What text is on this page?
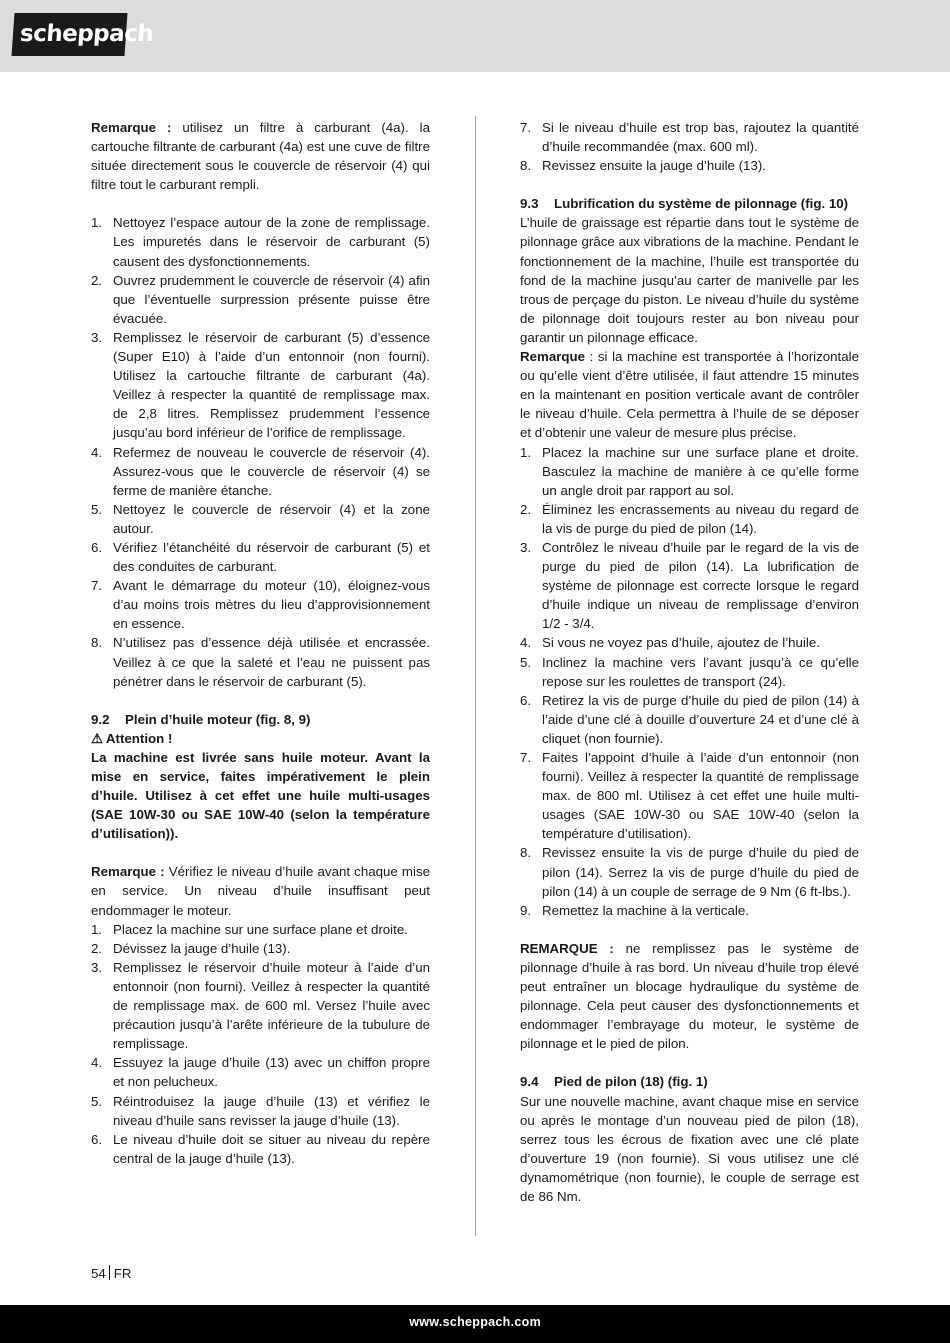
scheppach

Remarque : utilisez un filtre à carburant (4a). la cartouche filtrante de carburant (4a) est une cuve de filtre située directement sous le couvercle de réservoir (4) qui filtre tout le carburant rempli.

1. Nettoyez l’espace autour de la zone de remplissage. Les impuretés dans le réservoir de carburant (5) causent des dysfonctionnements.
2. Ouvrez prudemment le couvercle de réservoir (4) afin que l’éventuelle surpression présente puisse être évacuée.
3. Remplissez le réservoir de carburant (5) d’essence (Super E10) à l’aide d’un entonnoir (non fourni). Utilisez la cartouche filtrante de carburant (4a). Veillez à respecter la quantité de remplissage max. de 2,8 litres. Remplissez prudemment l’essence jusqu’au bord inférieur de l’orifice de remplissage.
4. Refermez de nouveau le couvercle de réservoir (4). Assurez-vous que le couvercle de réservoir (4) se ferme de manière étanche.
5. Nettoyez le couvercle de réservoir (4) et la zone autour.
6. Vérifiez l’étanchéité du réservoir de carburant (5) et des conduites de carburant.
7. Avant le démarrage du moteur (10), éloignez-vous d’au moins trois mètres du lieu d’approvisionnement en essence.
8. N’utilisez pas d’essence déjà utilisée et encrassée. Veillez à ce que la saleté et l’eau ne puissent pas pénétrer dans le réservoir de carburant (5).
9.2 Plein d’huile moteur (fig. 8, 9)
⚠ Attention !

La machine est livrée sans huile moteur. Avant la mise en service, faites impérativement le plein d’huile. Utilisez à cet effet une huile multi-usages (SAE 10W-30 ou SAE 10W-40 (selon la température d’utilisation)).

Remarque : Vérifiez le niveau d’huile avant chaque mise en service. Un niveau d’huile insuffisant peut endommager le moteur.

1. Placez la machine sur une surface plane et droite.
2. Dévissez la jauge d’huile (13).
3. Remplissez le réservoir d’huile moteur à l’aide d’un entonnoir (non fourni). Veillez à respecter la quantité de remplissage max. de 600 ml. Versez l’huile avec précaution jusqu’à l’arête inférieure de la tubulure de remplissage.
4. Essuyez la jauge d’huile (13) avec un chiffon propre et non pelucheux.
5. Réintroduisez la jauge d’huile (13) et vérifiez le niveau d’huile sans revisser la jauge d’huile (13).
6. Le niveau d’huile doit se situer au niveau du repère central de la jauge d’huile (13).
7. Si le niveau d’huile est trop bas, rajoutez la quantité d’huile recommandée (max. 600 ml).
8. Revissez ensuite la jauge d’huile (13).
9.3 Lubrification du système de pilonnage (fig. 10)

L’huile de graissage est répartie dans tout le système de pilonnage grâce aux vibrations de la machine. Pendant le fonctionnement de la machine, l’huile est transportée du fond de la machine jusqu’au carter de manivelle par les trous de perçage du piston. Le niveau d’huile du système de pilonnage doit toujours rester au bon niveau pour garantir un pilonnage efficace.

Remarque : si la machine est transportée à l’horizontale ou qu’elle vient d’être utilisée, il faut attendre 15 minutes en la maintenant en position verticale avant de contrôler le niveau d’huile. Cela permettra à l’huile de se déposer et d’obtenir une valeur de mesure plus précise.

1. Placez la machine sur une surface plane et droite. Basculez la machine de manière à ce qu’elle forme un angle droit par rapport au sol.
2. Éliminez les encrassements au niveau du regard de la vis de purge du pied de pilon (14).
3. Contrôlez le niveau d’huile par le regard de la vis de purge du pied de pilon (14). La lubrification de système de pilonnage est correcte lorsque le regard d’huile indique un niveau de remplissage d’environ 1/2 - 3/4.
4. Si vous ne voyez pas d’huile, ajoutez de l’huile.
5. Inclinez la machine vers l’avant jusqu’à ce qu’elle repose sur les roulettes de transport (24).
6. Retirez la vis de purge d’huile du pied de pilon (14) à l’aide d’une clé à douille d’ouverture 24 et d’une clé à cliquet (non fournie).
7. Faites l’appoint d’huile à l’aide d’un entonnoir (non fourni). Veillez à respecter la quantité de remplissage max. de 800 ml. Utilisez à cet effet une huile multi-usages (SAE 10W-30 ou SAE 10W-40 (selon la température d’utilisation).
8. Revissez ensuite la vis de purge d’huile du pied de pilon (14). Serrez la vis de purge d’huile du pied de pilon (14) à un couple de serrage de 9 Nm (6 ft-lbs.).
9. Remettez la machine à la verticale.

REMARQUE : ne remplissez pas le système de pilonnage d’huile à ras bord. Un niveau d’huile trop élevé peut entraîner un blocage hydraulique du système de pilonnage. Cela peut causer des dysfonctionnements et endommager l’embrayage du moteur, le système de pilonnage et le pied de pilon.

9.4 Pied de pilon (18) (fig. 1)

Sur une nouvelle machine, avant chaque mise en service ou après le montage d’un nouveau pied de pilon (18), serrez tous les écrous de fixation avec une clé plate d’ouverture 19 (non fournie). Si vous utilisez une clé dynamométrique (non fournie), le couple de serrage est de 86 Nm.

54 FR
www.scheppach.com
